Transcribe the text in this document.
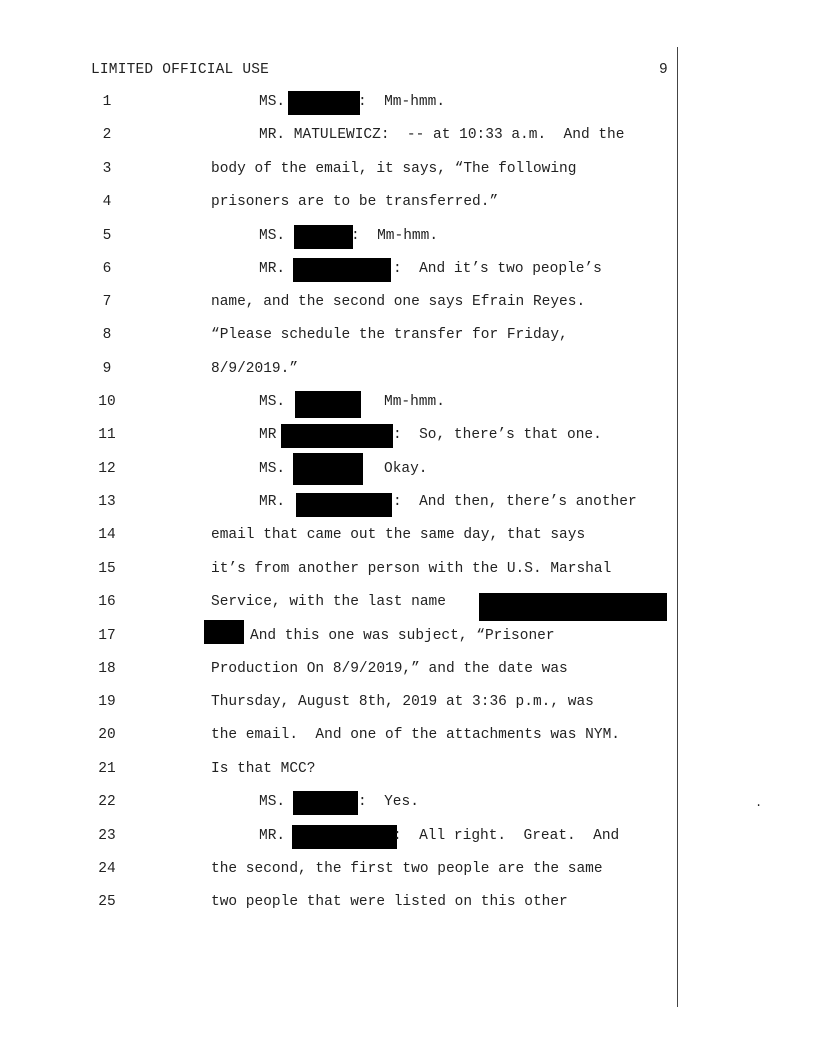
LIMITED OFFICIAL USE	9
.
1	MS.	:  Mm-hmm.
2	MR. MATULEWICZ:  -- at 10:33 a.m.  And the
3	body of the email, it says, “The following
4	prisoners are to be transferred.”
5	MS.	:  Mm-hmm.
6	MR.	:  And it’s two people’s
7	name, and the second one says Efrain Reyes.
8	“Please schedule the transfer for Friday,
9	8/9/2019.”
10	MS.	Mm-hmm.
11	MR	:  So, there’s that one.
12	MS.	Okay.
13	MR.	:  And then, there’s another
14	email that came out the same day, that says
15	it’s from another person with the U.S. Marshal
16	Service, with the last name
17	And this one was subject, “Prisoner
18	Production On 8/9/2019,” and the date was
19	Thursday, August 8th, 2019 at 3:36 p.m., was
20	the email.  And one of the attachments was NYM.
21	Is that MCC?
22	MS.	:  Yes.
23	MR.	:  All right.  Great.  And
24	the second, the first two people are the same
25	two people that were listed on this other
